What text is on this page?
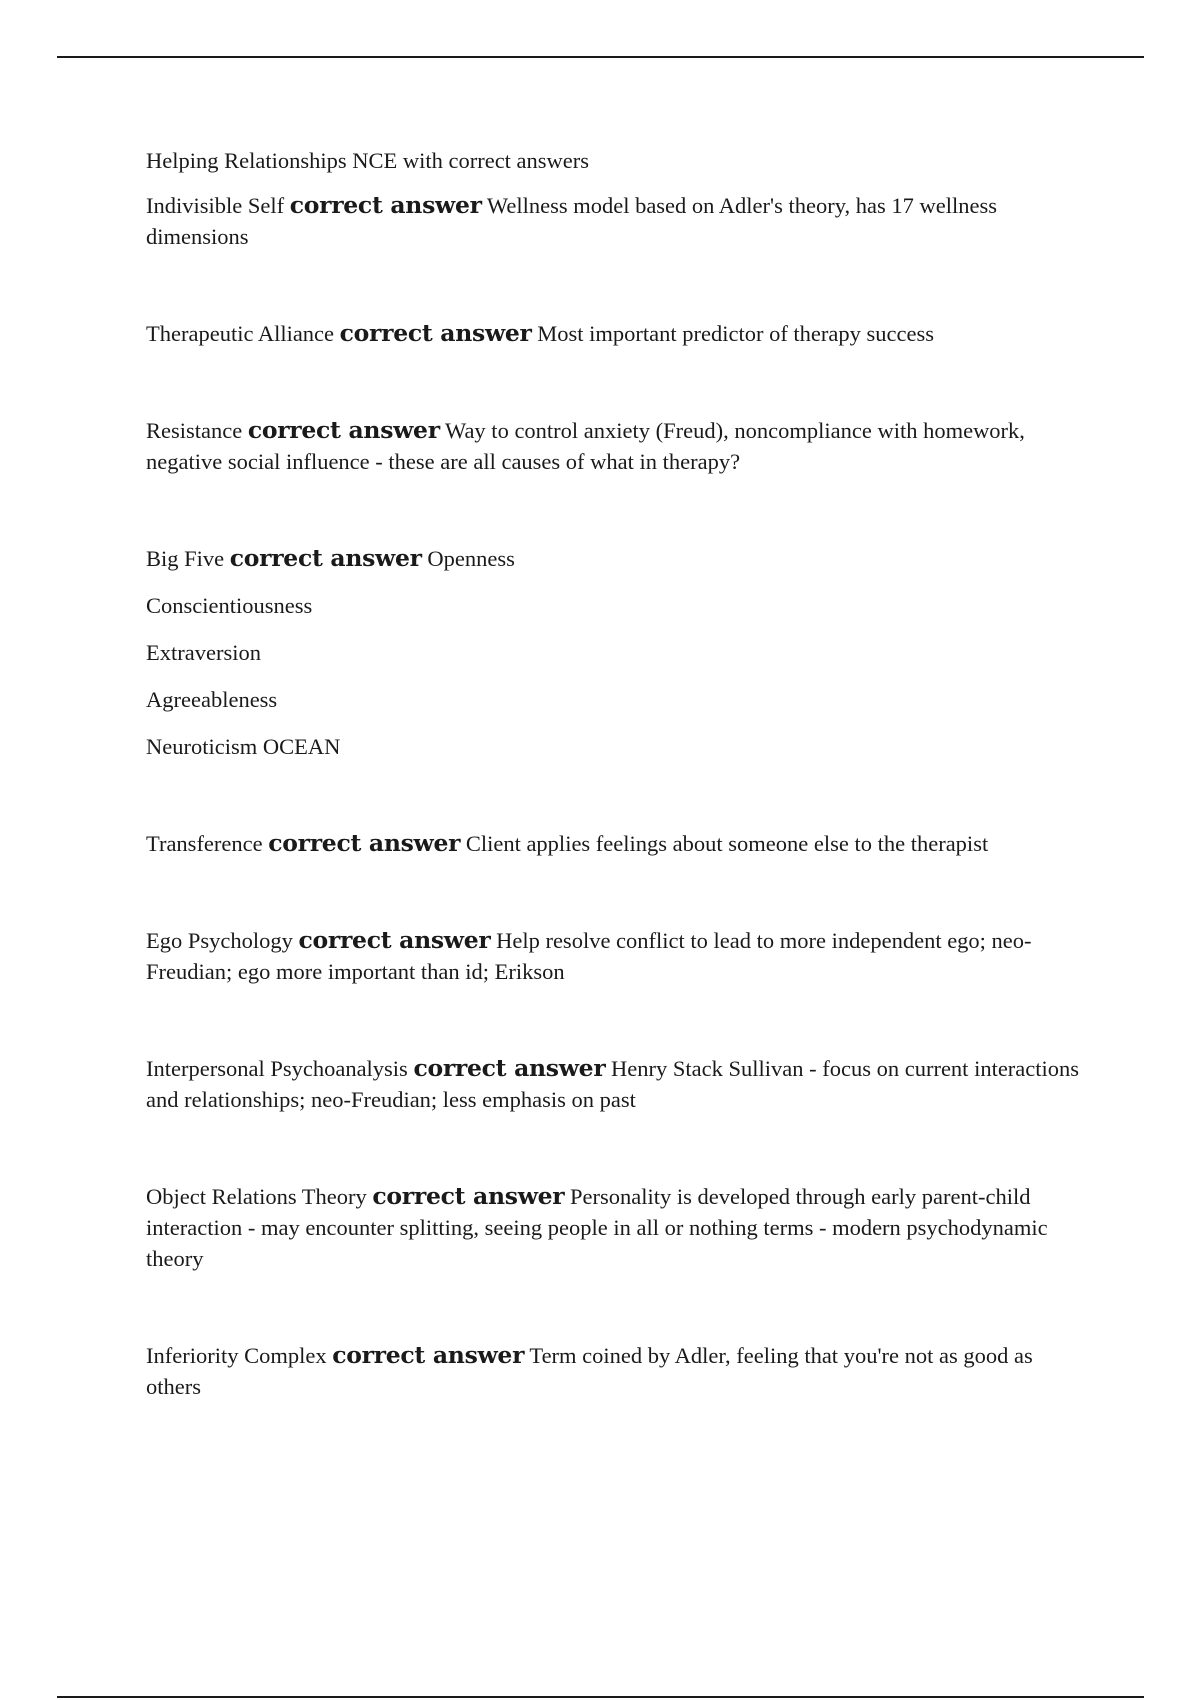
Helping Relationships NCE with correct answers

Indivisible Self correct answer Wellness model based on Adler's theory, has 17 wellness dimensions

Therapeutic Alliance correct answer Most important predictor of therapy success

Resistance correct answer Way to control anxiety (Freud), noncompliance with homework, negative social influence - these are all causes of what in therapy?

Big Five correct answer Openness

Conscientiousness

Extraversion

Agreeableness

Neuroticism OCEAN

Transference correct answer Client applies feelings about someone else to the therapist

Ego Psychology correct answer Help resolve conflict to lead to more independent ego; neo-Freudian; ego more important than id; Erikson

Interpersonal Psychoanalysis correct answer Henry Stack Sullivan - focus on current interactions and relationships; neo-Freudian; less emphasis on past

Object Relations Theory correct answer Personality is developed through early parent-child interaction - may encounter splitting, seeing people in all or nothing terms - modern psychodynamic theory

Inferiority Complex correct answer Term coined by Adler, feeling that you're not as good as others
